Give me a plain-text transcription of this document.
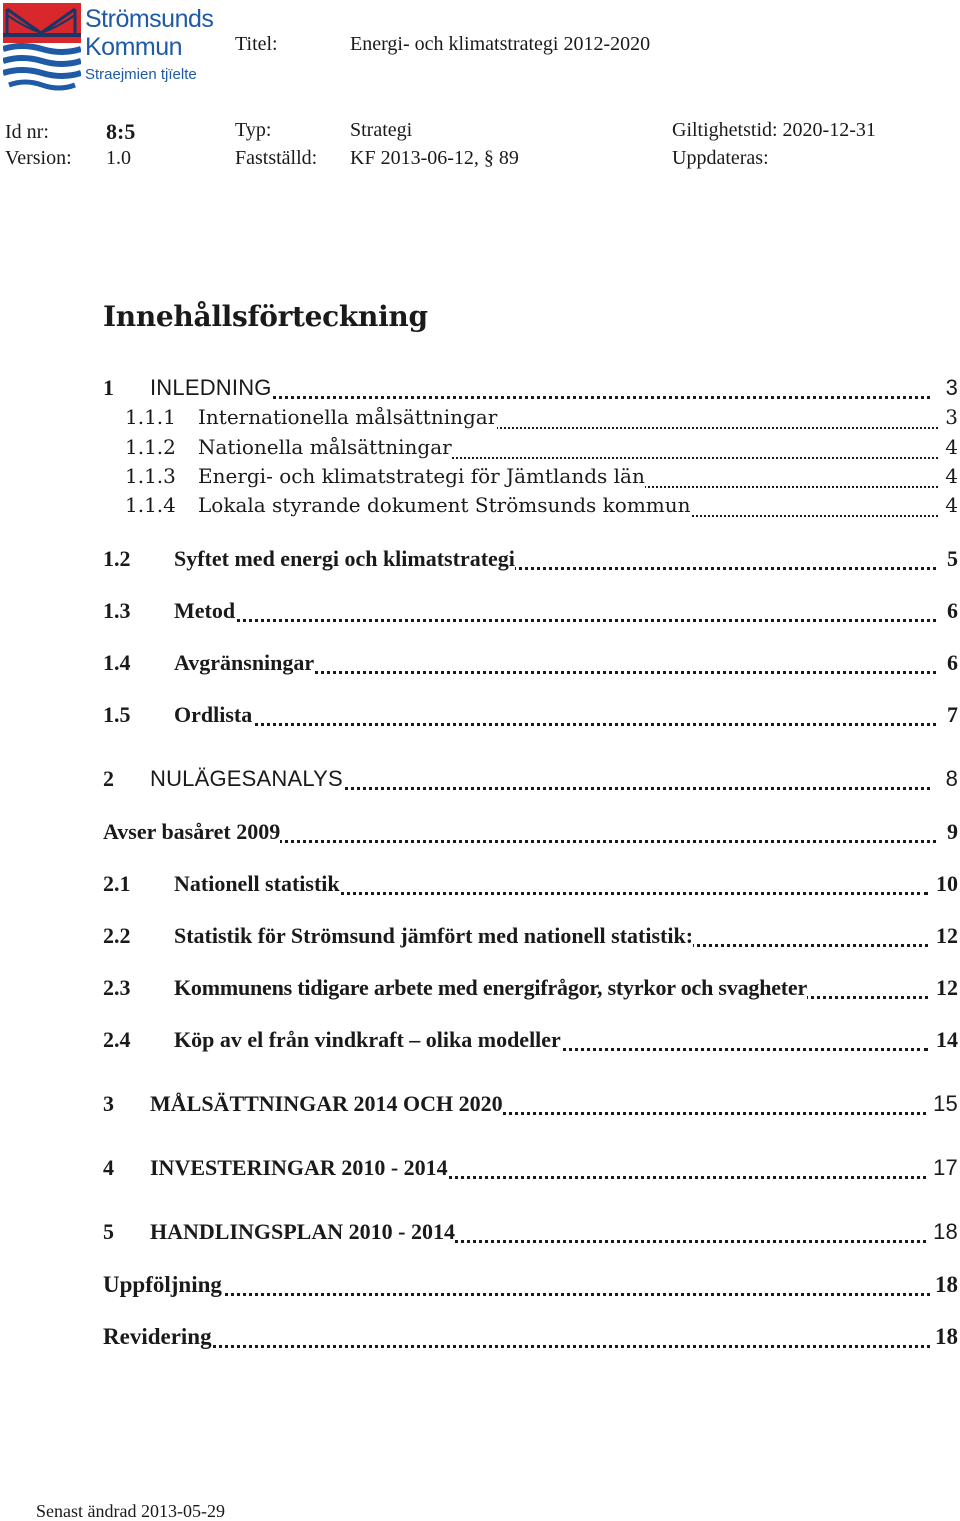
Strömsunds
Kommun
Straejmien tjïelte
Titel:	Energi- och klimatstrategi 2012-2020
Id nr:	8:5	Typ:	Strategi	Giltighetstid: 2020-12-31
Version: 1.0	Fastställd: KF 2013-06-12, § 89	Uppdateras:
Innehållsförteckning
1 INLEDNING	3
1.1.1 Internationella målsättningar	3
1.1.2 Nationella målsättningar	4
1.1.3 Energi- och klimatstrategi för Jämtlands län	4
1.1.4 Lokala styrande dokument Strömsunds kommun	4
1.2 Syftet med energi och klimatstrategi	5
1.3 Metod	6
1.4 Avgränsningar	6
1.5 Ordlista	7
2 NULÄGESANALYS	8
Avser basåret 2009	9
2.1 Nationell statistik	10
2.2 Statistik för Strömsund jämfört med nationell statistik:	12
2.3 Kommunens tidigare arbete med energifrågor, styrkor och svagheter	12
2.4 Köp av el från vindkraft – olika modeller	14
3 MÅLSÄTTNINGAR 2014 OCH 2020	15
4 INVESTERINGAR 2010 - 2014	17
5 HANDLINGSPLAN 2010 - 2014	18
Uppföljning	18
Revidering	18
Senast ändrad 2013-05-29
